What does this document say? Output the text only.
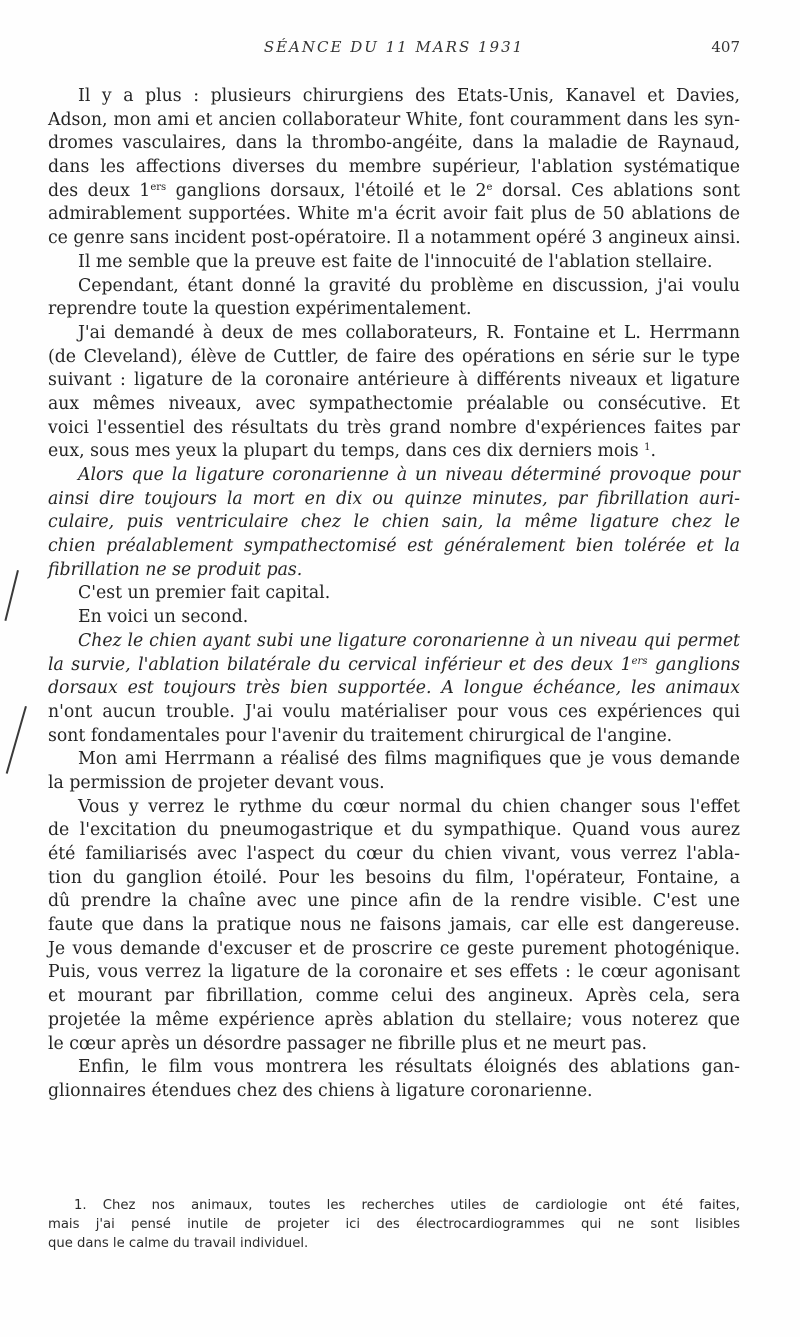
SÉANCE DU 11 MARS 1931	407
Il y a plus : plusieurs chirurgiens des Etats-Unis, Kanavel et Davies,
Adson, mon ami et ancien collaborateur White, font couramment dans les syn-
dromes vasculaires, dans la thrombo-angéite, dans la maladie de Raynaud,
dans les affections diverses du membre supérieur, l'ablation systématique
des deux 1ers ganglions dorsaux, l'étoilé et le 2e dorsal. Ces ablations sont
admirablement supportées. White m'a écrit avoir fait plus de 50 ablations de
ce genre sans incident post-opératoire. Il a notamment opéré 3 angineux ainsi.
Il me semble que la preuve est faite de l'innocuité de l'ablation stellaire.
Cependant, étant donné la gravité du problème en discussion, j'ai voulu
reprendre toute la question expérimentalement.
J'ai demandé à deux de mes collaborateurs, R. Fontaine et L. Herrmann
(de Cleveland), élève de Cuttler, de faire des opérations en série sur le type
suivant : ligature de la coronaire antérieure à différents niveaux et ligature
aux mêmes niveaux, avec sympathectomie préalable ou consécutive. Et
voici l'essentiel des résultats du très grand nombre d'expériences faites par
eux, sous mes yeux la plupart du temps, dans ces dix derniers mois $^1$.
Alors que la ligature coronarienne à un niveau déterminé provoque pour
ainsi dire toujours la mort en dix ou quinze minutes, par fibrillation auri-
culaire, puis ventriculaire chez le chien sain, la même ligature chez le
chien préalablement sympathectomisé est généralement bien tolérée et la
fibrillation ne se produit pas.
C'est un premier fait capital.
En voici un second.
Chez le chien ayant subi une ligature coronarienne à un niveau qui permet
la survie, l'ablation bilatérale du cervical inférieur et des deux 1ers ganglions
dorsaux est toujours très bien supportée. A longue échéance, les animaux
n'ont aucun trouble. J'ai voulu matérialiser pour vous ces expériences qui
sont fondamentales pour l'avenir du traitement chirurgical de l'angine.
Mon ami Herrmann a réalisé des films magnifiques que je vous demande
la permission de projeter devant vous.
Vous y verrez le rythme du cœur normal du chien changer sous l'effet
de l'excitation du pneumogastrique et du sympathique. Quand vous aurez
été familiarisés avec l'aspect du cœur du chien vivant, vous verrez l'abla-
tion du ganglion étoilé. Pour les besoins du film, l'opérateur, Fontaine, a
dû prendre la chaîne avec une pince afin de la rendre visible. C'est une
faute que dans la pratique nous ne faisons jamais, car elle est dangereuse.
Je vous demande d'excuser et de proscrire ce geste purement photogénique.
Puis, vous verrez la ligature de la coronaire et ses effets : le cœur agonisant
et mourant par fibrillation, comme celui des angineux. Après cela, sera
projetée la même expérience après ablation du stellaire; vous noterez que
le cœur après un désordre passager ne fibrille plus et ne meurt pas.
Enfin, le film vous montrera les résultats éloignés des ablations gan-
glionnaires étendues chez des chiens à ligature coronarienne.
1. Chez nos animaux, toutes les recherches utiles de cardiologie ont été faites,
mais j'ai pensé inutile de projeter ici des électrocardiogrammes qui ne sont lisibles
que dans le calme du travail individuel.
